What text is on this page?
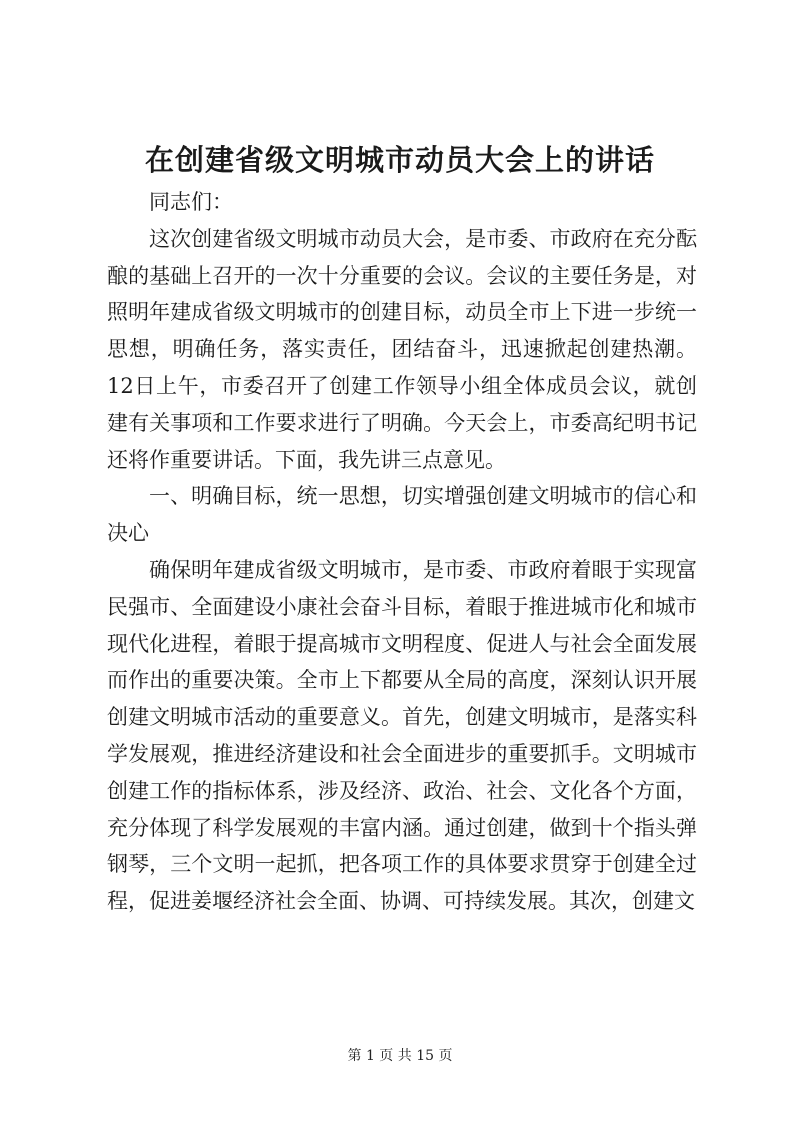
在创建省级文明城市动员大会上的讲话

同志们：

这次创建省级文明城市动员大会，是市委、市政府在充分酝酿的基础上召开的一次十分重要的会议。会议的主要任务是，对照明年建成省级文明城市的创建目标，动员全市上下进一步统一思想，明确任务，落实责任，团结奋斗，迅速掀起创建热潮。12日上午，市委召开了创建工作领导小组全体成员会议，就创建有关事项和工作要求进行了明确。今天会上，市委高纪明书记还将作重要讲话。下面，我先讲三点意见。

一、明确目标，统一思想，切实增强创建文明城市的信心和决心

确保明年建成省级文明城市，是市委、市政府着眼于实现富民强市、全面建设小康社会奋斗目标，着眼于推进城市化和城市现代化进程，着眼于提高城市文明程度、促进人与社会全面发展而作出的重要决策。全市上下都要从全局的高度，深刻认识开展创建文明城市活动的重要意义。首先，创建文明城市，是落实科学发展观，推进经济建设和社会全面进步的重要抓手。文明城市创建工作的指标体系，涉及经济、政治、社会、文化各个方面，充分体现了科学发展观的丰富内涵。通过创建，做到十个指头弹钢琴，三个文明一起抓，把各项工作的具体要求贯穿于创建全过程，促进姜堰经济社会全面、协调、可持续发展。其次，创建文

第 1 页 共 15 页
